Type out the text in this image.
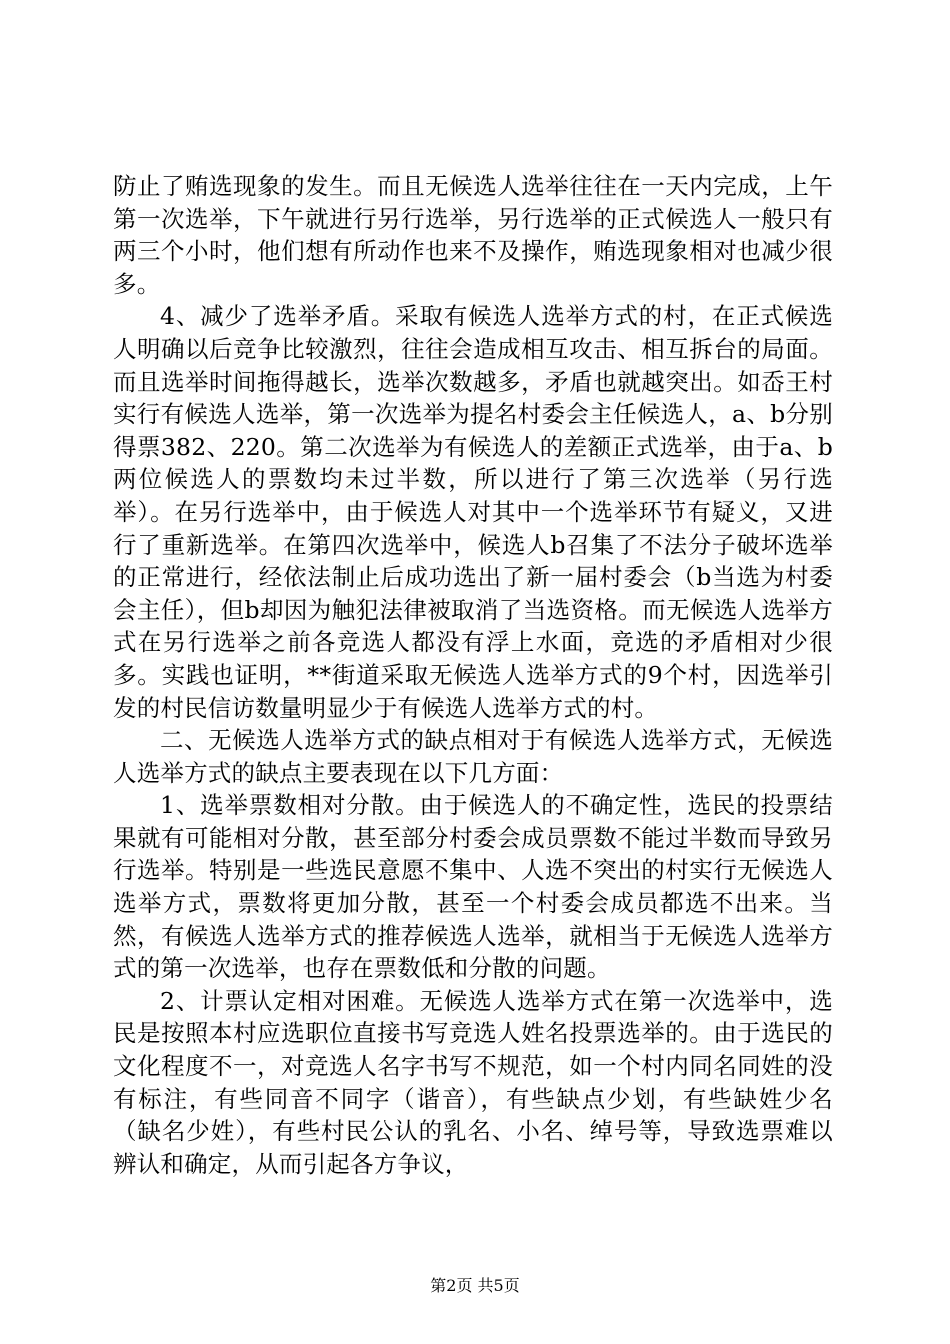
防止了贿选现象的发生。而且无候选人选举往往在一天内完成，上午第一次选举，下午就进行另行选举，另行选举的正式候选人一般只有两三个小时，他们想有所动作也来不及操作，贿选现象相对也减少很多。

4、减少了选举矛盾。采取有候选人选举方式的村，在正式候选人明确以后竞争比较激烈，往往会造成相互攻击、相互拆台的局面。而且选举时间拖得越长，选举次数越多，矛盾也就越突出。如岙王村实行有候选人选举，第一次选举为提名村委会主任候选人，a、b分别得票382、220。第二次选举为有候选人的差额正式选举，由于a、b两位候选人的票数均未过半数，所以进行了第三次选举（另行选举）。在另行选举中，由于候选人对其中一个选举环节有疑义，又进行了重新选举。在第四次选举中，候选人b召集了不法分子破坏选举的正常进行，经依法制止后成功选出了新一届村委会（b当选为村委会主任），但b却因为触犯法律被取消了当选资格。而无候选人选举方式在另行选举之前各竞选人都没有浮上水面，竞选的矛盾相对少很多。实践也证明，**街道采取无候选人选举方式的9个村，因选举引发的村民信访数量明显少于有候选人选举方式的村。

二、无候选人选举方式的缺点相对于有候选人选举方式，无候选人选举方式的缺点主要表现在以下几方面：

1、选举票数相对分散。由于候选人的不确定性，选民的投票结果就有可能相对分散，甚至部分村委会成员票数不能过半数而导致另行选举。特别是一些选民意愿不集中、人选不突出的村实行无候选人选举方式，票数将更加分散，甚至一个村委会成员都选不出来。当然，有候选人选举方式的推荐候选人选举，就相当于无候选人选举方式的第一次选举，也存在票数低和分散的问题。

2、计票认定相对困难。无候选人选举方式在第一次选举中，选民是按照本村应选职位直接书写竞选人姓名投票选举的。由于选民的文化程度不一，对竞选人名字书写不规范，如一个村内同名同姓的没有标注，有些同音不同字（谐音），有些缺点少划，有些缺姓少名（缺名少姓），有些村民公认的乳名、小名、绰号等，导致选票难以辨认和确定，从而引起各方争议，

第2页 共5页
